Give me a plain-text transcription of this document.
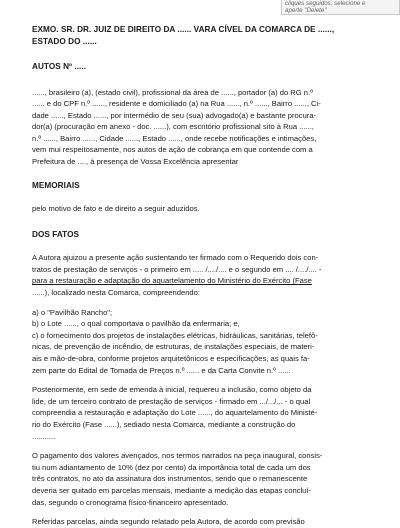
cliques seguidos, selecione e
aperte "Delete"

EXMO. SR. DR. JUIZ DE DIREITO DA ...... VARA CÍVEL DA COMARCA DE ......,

ESTADO DO ......

AUTOS Nº .....

......, brasileiro (a), (estado civil), profissional da área de ......, portador (a) do RG n.º
...... e do CPF n.º ......, residente e domiciliado (a) na Rua ......, n.º ......, Bairro ......, Ci-
dade ......, Estado ......, por intermédio de seu (sua) advogado(a) e bastante procura-
dor(a) (procuração em anexo - doc. ......), com escritório profissional sito à Rua ......,
n.º ......, Bairro ......, Cidade ......, Estado ......, onde recebe notificações e intimações,
vem mui respeitosamente, nos autos de ação de cobrança em que contende com a
Prefeitura de ...., à presença de Vossa Excelência apresentar

MEMORIAIS

pelo motivo de fato e de direito a seguir aduzidos.

DOS FATOS

A Autora ajuizou a presente ação sustentando ter firmado com o Requerido dois con-
tratos de prestação de serviços - o primeiro em ..... /..../.... e o segundo em .... /..../.... -
para a restauração e adaptação do aquartelamento do Ministério do Exército (Fase
......), localizado nesta Comarca, compreendendo:
a) o "Pavilhão Rancho";
b) o Lote ......, o qual comportava o pavilhão da enfermaria; e,
c) o fornecimento dos projetos de instalações elétricas, hidráulicas, sanitárias, telefô-
nicas, de prevenção de incêndio, de estruturas, de instalações especiais, de materi-
ais e mão-de-obra, conforme projetos arquitetônicos e especificações, as quais fa-
zem parte do Edital de Tomada de Preços n.º ...... e da Carta Convite n.º ......
Posteriormente, em sede de emenda à inicial, requereu a inclusão, como objeto da
lide, de um terceiro contrato de prestação de serviços - firmado em .../.../... - o qual
compreendia a restauração e adaptação do Lote ......, do aquartelamento do Ministé-
rio do Exército (Fase ......), sediado nesta Comarca, mediante a construção do
...........
O pagamento dos valores avençados, nos termos narrados na peça inaugural, consis-
tiu num adiantamento de 10% (dez por cento) da importância total de cada um dos
três contratos, no ato da assinatura dos instrumentos, sendo que o remanescente
deveria ser quitado em parcelas mensais, mediante a medição das etapas concluí-
das, segundo o cronograma físico-financeiro apresentado.
Referidas parcelas, ainda segundo relatado pela Autora, de acordo com previsão
